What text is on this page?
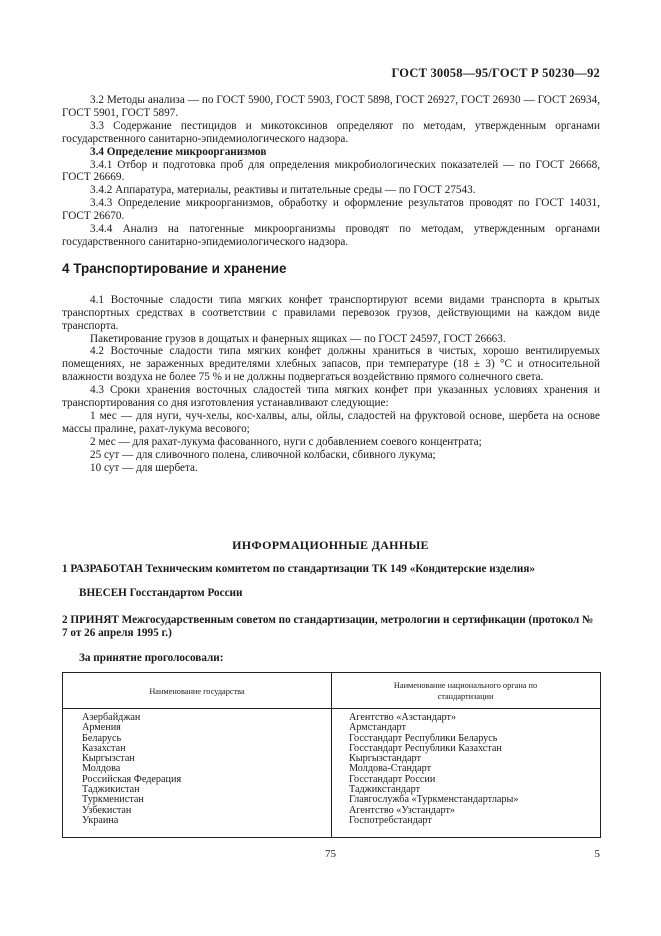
ГОСТ 30058—95/ГОСТ Р 50230—92

3.2 Методы анализа — по ГОСТ 5900, ГОСТ 5903, ГОСТ 5898, ГОСТ 26927, ГОСТ 26930 — ГОСТ 26934, ГОСТ 5901, ГОСТ 5897.

3.3 Содержание пестицидов и микотоксинов определяют по методам, утвержденным органами государственного санитарно-эпидемиологического надзора.

3.4 Определение микроорганизмов

3.4.1 Отбор и подготовка проб для определения микробиологических показателей — по ГОСТ 26668, ГОСТ 26669.

3.4.2 Аппаратура, материалы, реактивы и питательные среды — по ГОСТ 27543.

3.4.3 Определение микроорганизмов, обработку и оформление результатов проводят по ГОСТ 14031, ГОСТ 26670.

3.4.4 Анализ на патогенные микроорганизмы проводят по методам, утвержденным органами государственного санитарно-эпидемиологического надзора.

4 Транспортирование и хранение

4.1 Восточные сладости типа мягких конфет транспортируют всеми видами транспорта в крытых транспортных средствах в соответствии с правилами перевозок грузов, действующими на каждом виде транспорта.

Пакетирование грузов в дощатых и фанерных ящиках — по ГОСТ 24597, ГОСТ 26663.

4.2 Восточные сладости типа мягких конфет должны храниться в чистых, хорошо вентилируемых помещениях, не зараженных вредителями хлебных запасов, при температуре (18 ± 3) °С и относительной влажности воздуха не более 75 % и не должны подвергаться воздействию прямого солнечного света.

4.3 Сроки хранения восточных сладостей типа мягких конфет при указанных условиях хранения и транспортирования со дня изготовления устанавливают следующие:

1 мес — для нуги, чуч-хелы, кос-халвы, алы, ойлы, сладостей на фруктовой основе, шербета на основе массы пралине, рахат-лукума весового;

2 мес — для рахат-лукума фасованного, нуги с добавлением соевого концентрата;

25 сут — для сливочного полена, сливочной колбаски, сбивного лукума;

10 сут — для шербета.

ИНФОРМАЦИОННЫЕ ДАННЫЕ
1 РАЗРАБОТАН Техническим комитетом по стандартизации ТК 149 «Кондитерские изделия»
ВНЕСЕН Госстандартом России
2 ПРИНЯТ Межгосударственным советом по стандартизации, метрологии и сертификации (протокол № 7 от 26 апреля 1995 г.)
За принятие проголосовали:
Наименование государства
Наименование национального органа по стандартизации
Азербайджан
Армения
Беларусь
Казахстан
Кыргызстан
Молдова
Российская Федерация
Таджикистан
Туркменистан
Узбекистан
Украина
Агентство «Азстандарт»
Армстандарт
Госстандарт Республики Беларусь
Госстандарт Республики Казахстан
Кыргызстандарт
Молдова-Стандарт
Госстандарт России
Таджикстандарт
Главгослужба «Туркменстандартлары»
Агентство «Узстандарт»
Госпотребстандарт
75	5
